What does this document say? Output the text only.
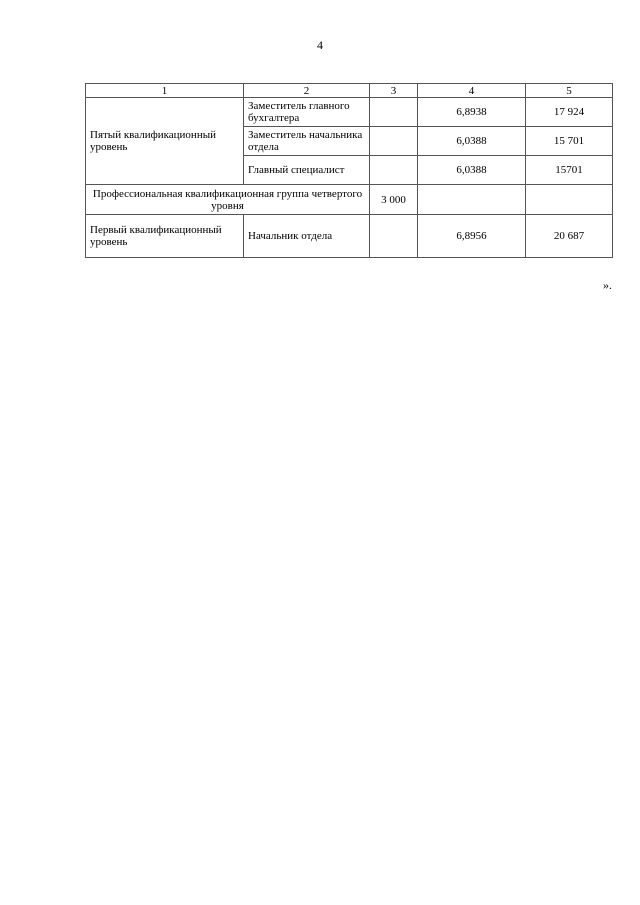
4
1	2	3	4	5
Пятый квалификационный уровень	Заместитель главного бухгалтера		6,8938	17 924
	Заместитель начальника отдела		6,0388	15 701
	Главный специалист		6,0388	15701
Профессиональная квалификационная группа четвертого уровня		3 000		
Первый квалификационный уровень	Начальник отдела		6,8956	20 687
».
